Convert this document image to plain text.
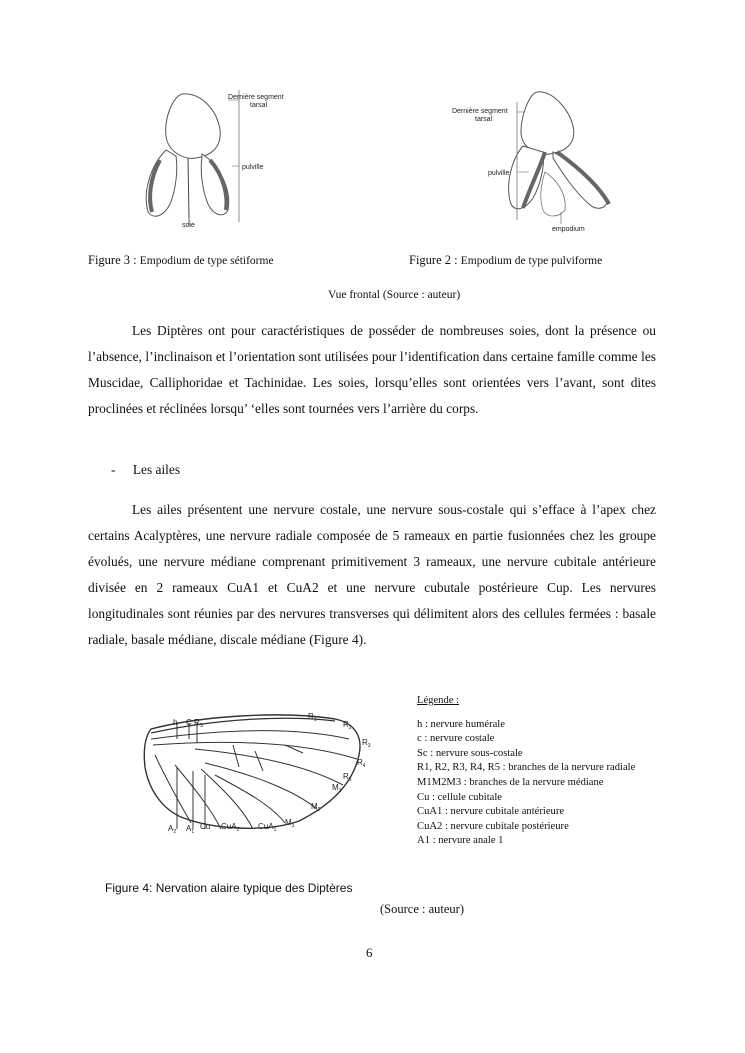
Dernière segment
tarsal
pulville
soie
Dernière segment
tarsal
pulville
empodium
Figure 3 : Empodium de type sétiforme	Figure 2 : Empodium de type pulviforme
Vue frontal (Source : auteur)
Les Diptères ont pour caractéristiques de posséder de nombreuses soies, dont la présence ou l’absence, l’inclinaison et l’orientation sont utilisées pour l’identification dans certaine famille comme les Muscidae, Calliphoridae et Tachinidae. Les soies, lorsqu’elles sont orientées vers l’avant, sont dites proclinées et réclinées lorsqu’ ‘elles sont tournées vers l’arrière du corps.
- Les ailes
Les ailes présentent une nervure costale, une nervure sous-costale qui s’efface à l’apex chez certains Acalyptères, une nervure radiale composée de 5 rameaux en partie fusionnées chez les groupe évolués, une nervure médiane comprenant primitivement 3 rameaux, une nervure cubitale antérieure divisée en 2 rameaux CuA1 et CuA2 et une nervure cubutale postérieure Cup. Les nervures longitudinales sont réunies par des nervures transverses qui délimitent alors des cellules fermées : basale radiale, basale médiane, discale médiane (Figure 4).
h C $R_S$
$R_1$	$R_2$
$R_3$
$R_4$
$R_5$
$M_1$
$M_2$
$M_3$
$A_2$ $A_1$
Cu CuA$_2$ CuA$_1$
Légende :
h : nervure humérale
c : nervure costale
Sc : nervure sous-costale
R1, R2, R3, R4, R5 : branches de la nervure radiale
M1M2M3 : branches de la nervure médiane
Cu : cellule cubitale
CuA1 : nervure cubitale antérieure
CuA2 : nervure cubitale postérieure
A1 : nervure anale 1
Figure 4: Nervation alaire typique des Diptères
(Source : auteur)
6
